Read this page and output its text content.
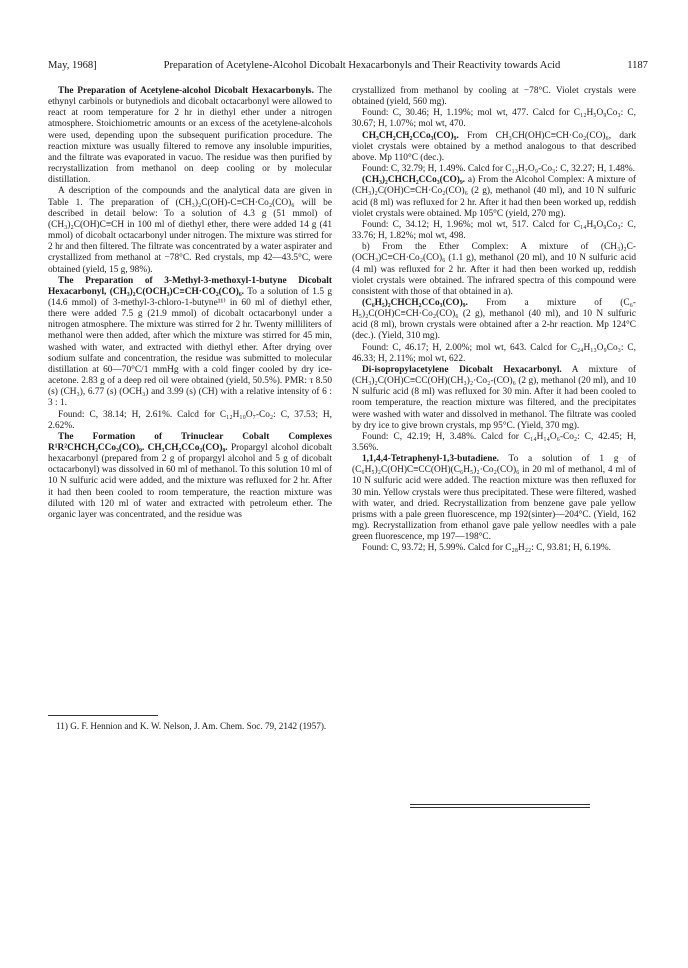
May, 1968]	Preparation of Acetylene-Alcohol Dicobalt Hexacarbonyls and Their Reactivity towards Acid	1187

The Preparation of Acetylene-alcohol Dicobalt Hexacarbonyls. The ethynyl carbinols or butynediols and dicobalt octacarbonyl were allowed to react at room temperature for 2 hr in diethyl ether under a nitrogen atmosphere. Stoichiometric amounts or an excess of the acetylene-alcohols were used, depending upon the subsequent purification procedure. The reaction mixture was usually filtered to remove any insoluble impurities, and the filtrate was evaporated in vacuo. The residue was then purified by recrystallization from methanol on deep cooling or by molecular distillation.

A description of the compounds and the analytical data are given in Table 1. The preparation of (CH₃)₂C(OH)-C≡CH·Co₂(CO)₆ will be described in detail below: To a solution of 4.3 g (51 mmol) of (CH₃)₂C(OH)C≡CH in 100 ml of diethyl ether, there were added 14 g (41 mmol) of dicobalt octacarbonyl under nitrogen. The mixture was stirred for 2 hr and then filtered. The filtrate was concentrated by a water aspirater and crystallized from methanol at −78°C. Red crystals, mp 42—43.5°C, were obtained (yield, 15 g, 98%).

The Preparation of 3-Methyl-3-methoxyl-1-butyne Dicobalt Hexacarbonyl, (CH₃)₂C(OCH₃)C≡CH·CO₂(CO)₆. To a solution of 1.5 g (14.6 mmol) of 3-methyl-3-chloro-1-butyne¹¹⁾ in 60 ml of diethyl ether, there were added 7.5 g (21.9 mmol) of dicobalt octacarbonyl under a nitrogen atmosphere. The mixture was stirred for 2 hr. Twenty milliliters of methanol were then added, after which the mixture was stirred for 45 min, washed with water, and extracted with diethyl ether. After drying over sodium sulfate and concentration, the residue was submitted to molecular distillation at 60—70°C/1 mmHg with a cold finger cooled by dry ice-acetone. 2.83 g of a deep red oil were obtained (yield, 50.5%). PMR: τ 8.50 (s) (CH₃), 6.77 (s) (OCH₃) and 3.99 (s) (CH) with a relative intensity of 6 : 3 : 1.

Found: C, 38.14; H, 2.61%. Calcd for C₁₂H₁₀O₇-Co₂: C, 37.53; H, 2.62%.

The Formation of Trinuclear Cobalt Complexes R¹R²CHCH₂CCo₃(CO)₉. CH₃CH₂CCo₃(CO)₉. Propargyl alcohol dicobalt hexacarbonyl (prepared from 2 g of propargyl alcohol and 5 g of dicobalt octacarbonyl) was dissolved in 60 ml of methanol. To this solution 10 ml of 10 N sulfuric acid were added, and the mixture was refluxed for 2 hr. After it had then been cooled to room temperature, the reaction mixture was diluted with 120 ml of water and extracted with petroleum ether. The organic layer was concentrated, and the residue was

crystallized from methanol by cooling at −78°C. Violet crystals were obtained (yield, 560 mg).

Found: C, 30.46; H, 1.19%; mol wt, 477. Calcd for C₁₂H₅O₉Co₃: C, 30.67; H, 1.07%; mol wt, 470.

CH₃CH₂CH₂CCo₃(CO)₉. From CH₃CH(OH)C≡CH·Co₂(CO)₆, dark violet crystals were obtained by a method analogous to that described above. Mp 110°C (dec.).

Found: C, 32.79; H, 1.49%. Calcd for C₁₃H₇O₉-Co₃: C, 32.27; H, 1.48%.

(CH₃)₂CHCH₂CCo₃(CO)₉. a) From the Alcohol Complex: A mixture of (CH₃)₂C(OH)C≡CH·Co₂(CO)₆ (2 g), methanol (40 ml), and 10 N sulfuric acid (8 ml) was refluxed for 2 hr. After it had then been worked up, reddish violet crystals were obtained. Mp 105°C (yield, 270 mg).

Found: C, 34.12; H, 1.96%; mol wt, 517. Calcd for C₁₄H₉O₉Co₃: C, 33.76; H, 1.82%; mol wt, 498.

b) From the Ether Complex: A mixture of (CH₃)₂C-(OCH₃)C≡CH·Co₂(CO)₆ (1.1 g), methanol (20 ml), and 10 N sulfuric acid (4 ml) was refluxed for 2 hr. After it had then been worked up, reddish violet crystals were obtained. The infrared spectra of this compound were consistent with those of that obtained in a).

(C₆H₅)₂CHCH₂CCo₃(CO)₉. From a mixture of (C₆-H₅)₂C(OH)C≡CH·Co₂(CO)₆ (2 g), methanol (40 ml), and 10 N sulfuric acid (8 ml), brown crystals were obtained after a 2-hr reaction. Mp 124°C (dec.). (Yield, 310 mg).

Found: C, 46.17; H, 2.00%; mol wt, 643. Calcd for C₂₄H₁₃O₉Co₃: C, 46.33; H, 2.11%; mol wt, 622.

Di-isopropylacetylene Dicobalt Hexacarbonyl. A mixture of (CH₃)₂C(OH)C≡CC(OH)(CH₃)₂·Co₂-(CO)₆ (2 g), methanol (20 ml), and 10 N sulfuric acid (8 ml) was refluxed for 30 min. After it had been cooled to room temperature, the reaction mixture was filtered, and the precipitates were washed with water and dissolved in methanol. The filtrate was cooled by dry ice to give brown crystals, mp 95°C. (Yield, 370 mg).

Found: C, 42.19; H, 3.48%. Calcd for C₁₄H₁₄O₆-Co₂: C, 42.45; H, 3.56%.

1,1,4,4-Tetraphenyl-1,3-butadiene. To a solution of 1 g of (C₆H₅)₂C(OH)C≡CC(OH)(C₆H₅)₂·Co₂(CO)₆ in 20 ml of methanol, 4 ml of 10 N sulfuric acid were added. The reaction mixture was then refluxed for 30 min. Yellow crystals were thus precipitated. These were filtered, washed with water, and dried. Recrystallization from benzene gave pale yellow prisms with a pale green fluorescence, mp 192(sinter)—204°C. (Yield, 162 mg). Recrystallization from ethanol gave pale yellow needles with a pale green fluorescence, mp 197—198°C.

Found: C, 93.72; H, 5.99%. Calcd for C₂₈H₂₂: C, 93.81; H, 6.19%.

11) G. F. Hennion and K. W. Nelson, J. Am. Chem. Soc. 79, 2142 (1957).
